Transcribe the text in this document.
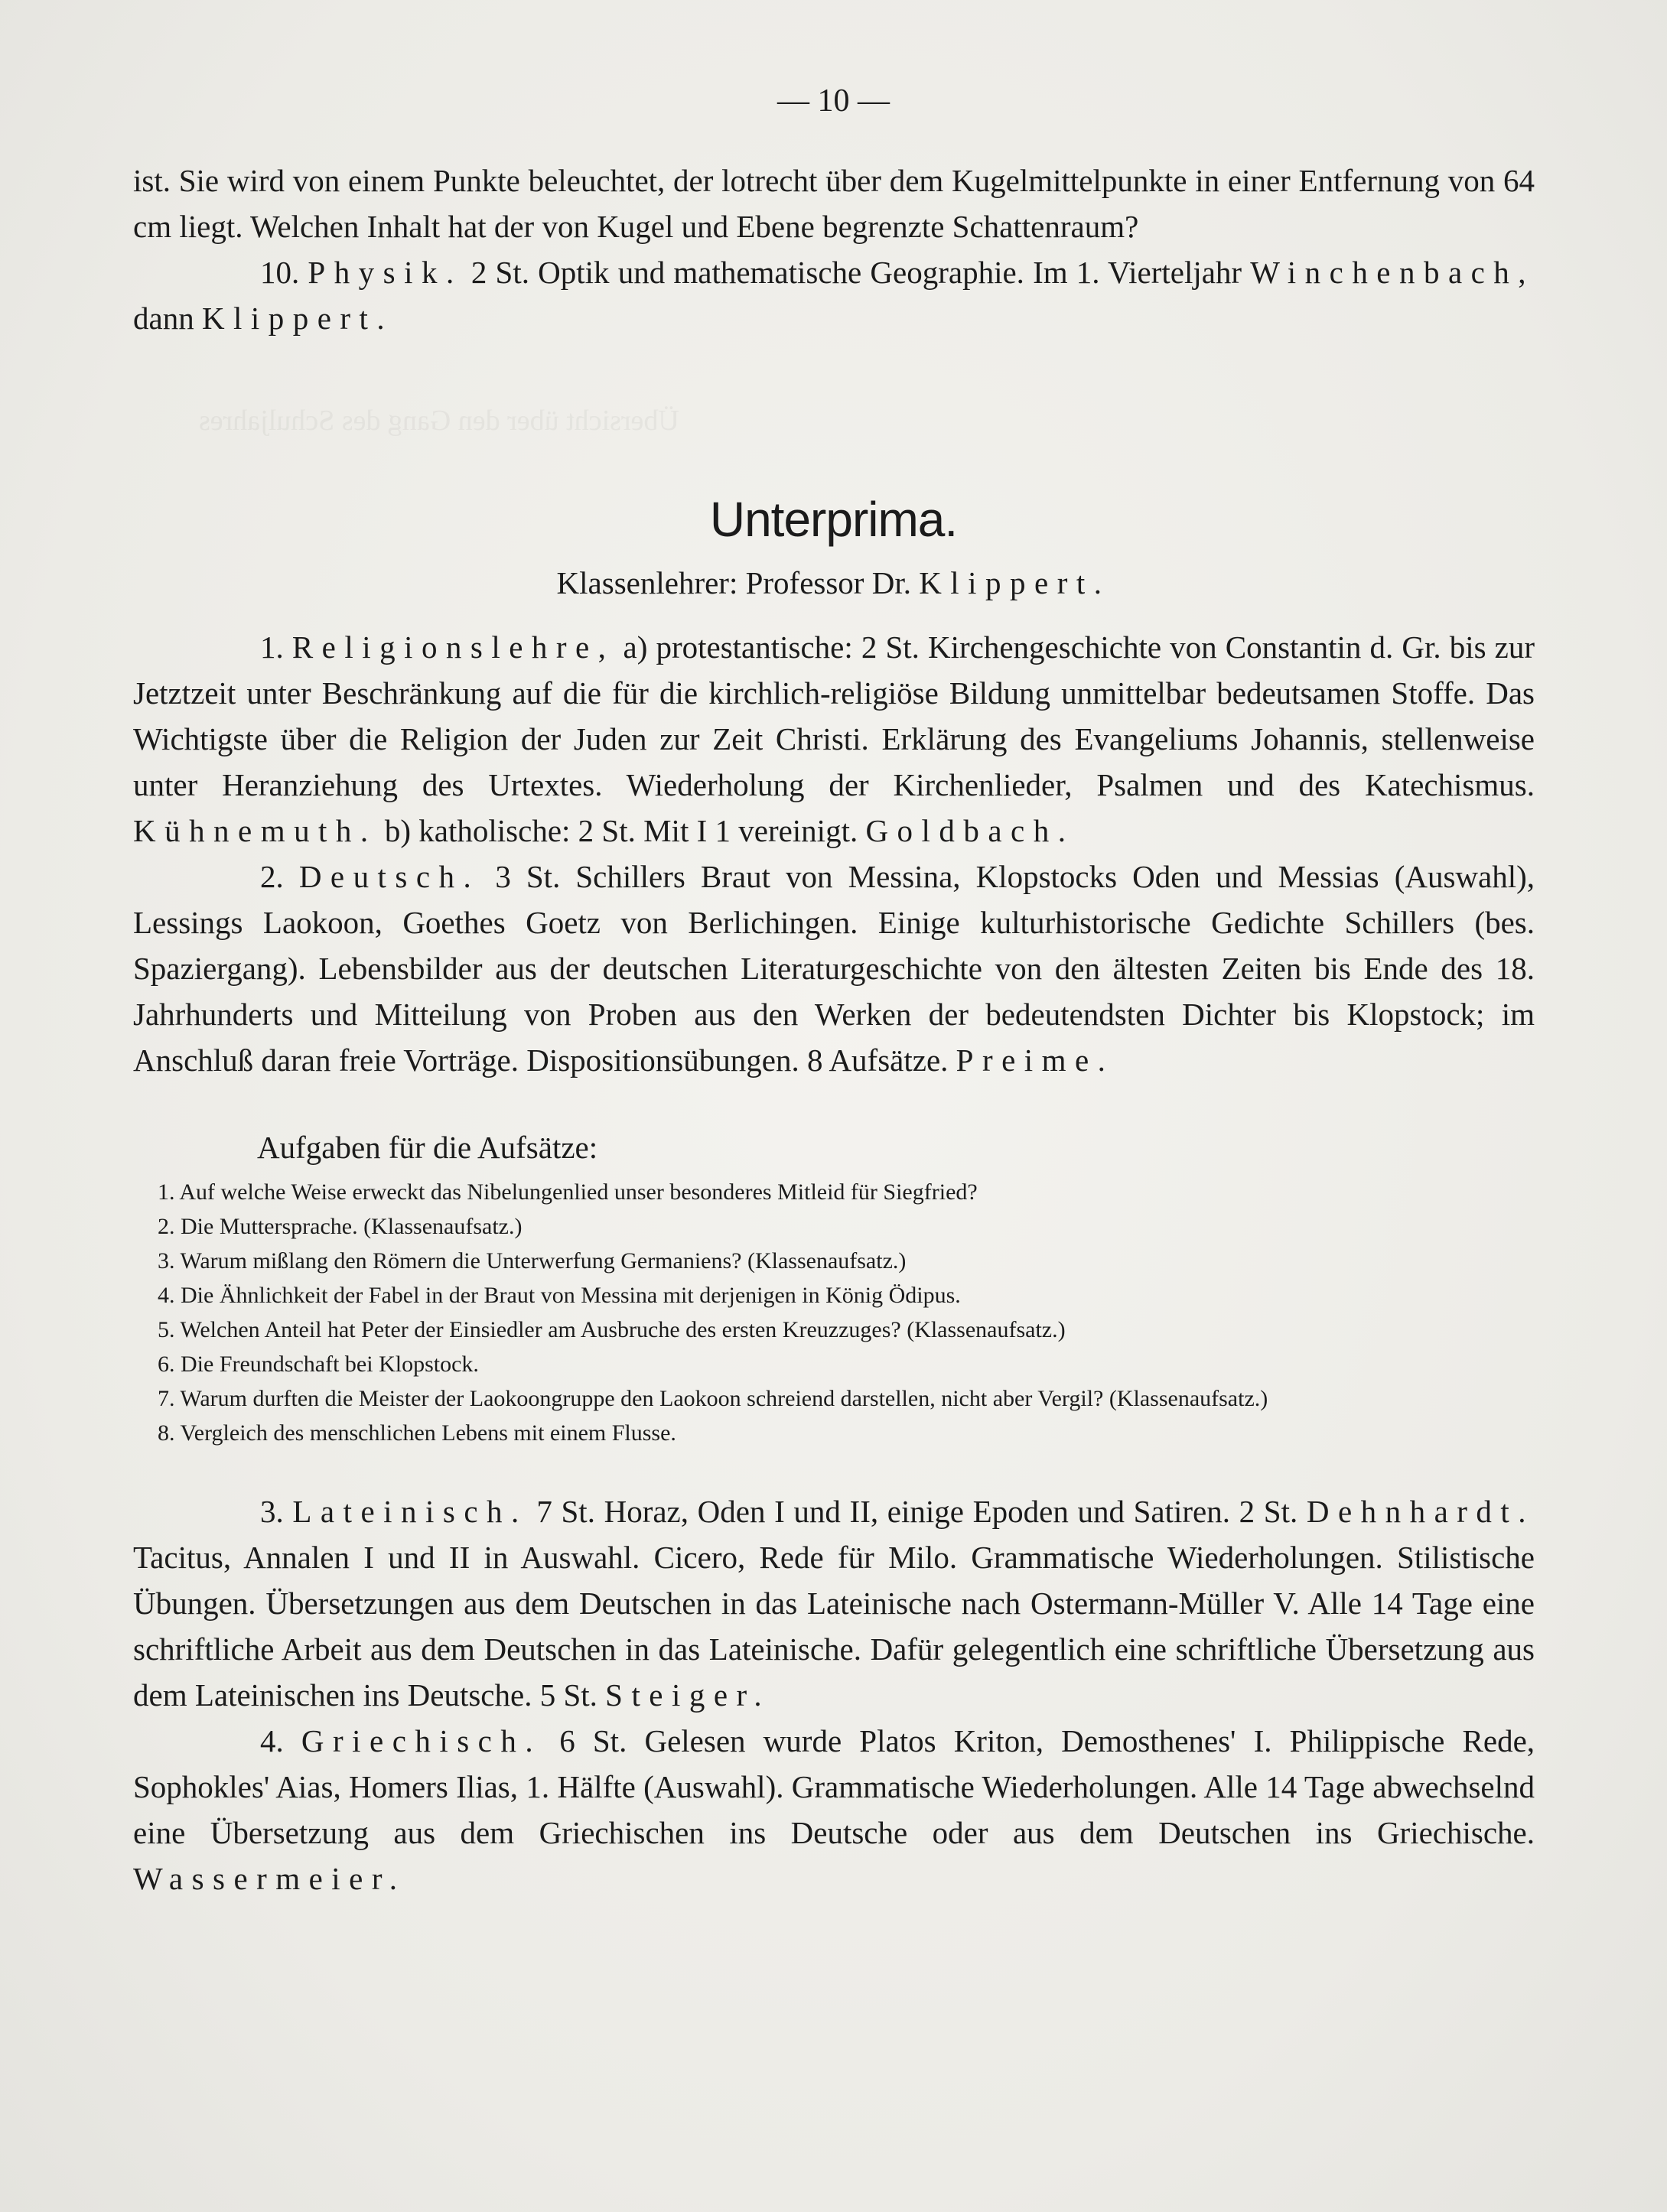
Übersicht über den Gang des Schuljahres
— 10 —

ist. Sie wird von einem Punkte beleuchtet, der lotrecht über dem Kugelmittelpunkte in einer Entfernung von 64 cm liegt. Welchen Inhalt hat der von Kugel und Ebene begrenzte Schattenraum?

10. Physik. 2 St. Optik und mathematische Geographie. Im 1. Vierteljahr Winchenbach, dann Klippert.

Unterprima.
Klassenlehrer: Professor Dr. Klippert.

1. Religionslehre, a) protestantische: 2 St. Kirchengeschichte von Constantin d. Gr. bis zur Jetztzeit unter Beschränkung auf die für die kirchlich-religiöse Bildung unmittelbar bedeutsamen Stoffe. Das Wichtigste über die Religion der Juden zur Zeit Christi. Erklärung des Evangeliums Johannis, stellenweise unter Heranziehung des Urtextes. Wiederholung der Kirchenlieder, Psalmen und des Katechismus. Kühnemuth. b) katholische: 2 St. Mit I 1 vereinigt. Goldbach.

2. Deutsch. 3 St. Schillers Braut von Messina, Klopstocks Oden und Messias (Auswahl), Lessings Laokoon, Goethes Goetz von Berlichingen. Einige kulturhistorische Gedichte Schillers (bes. Spaziergang). Lebensbilder aus der deutschen Literaturgeschichte von den ältesten Zeiten bis Ende des 18. Jahrhunderts und Mitteilung von Proben aus den Werken der bedeutendsten Dichter bis Klopstock; im Anschluß daran freie Vorträge. Dispositionsübungen. 8 Aufsätze. Preime.

Aufgaben für die Aufsätze:
1. Auf welche Weise erweckt das Nibelungenlied unser besonderes Mitleid für Siegfried?
2. Die Muttersprache. (Klassenaufsatz.)
3. Warum mißlang den Römern die Unterwerfung Germaniens? (Klassenaufsatz.)
4. Die Ähnlichkeit der Fabel in der Braut von Messina mit derjenigen in König Ödipus.
5. Welchen Anteil hat Peter der Einsiedler am Ausbruche des ersten Kreuzzuges? (Klassenaufsatz.)
6. Die Freundschaft bei Klopstock.
7. Warum durften die Meister der Laokoongruppe den Laokoon schreiend darstellen, nicht aber Vergil? (Klassenaufsatz.)
8. Vergleich des menschlichen Lebens mit einem Flusse.

3. Lateinisch. 7 St. Horaz, Oden I und II, einige Epoden und Satiren. 2 St. Dehnhardt. Tacitus, Annalen I und II in Auswahl. Cicero, Rede für Milo. Grammatische Wiederholungen. Stilistische Übungen. Übersetzungen aus dem Deutschen in das Lateinische nach Ostermann-Müller V. Alle 14 Tage eine schriftliche Arbeit aus dem Deutschen in das Lateinische. Dafür gelegentlich eine schriftliche Übersetzung aus dem Lateinischen ins Deutsche. 5 St. Steiger.

4. Griechisch. 6 St. Gelesen wurde Platos Kriton, Demosthenes' I. Philippische Rede, Sophokles' Aias, Homers Ilias, 1. Hälfte (Auswahl). Grammatische Wiederholungen. Alle 14 Tage abwechselnd eine Übersetzung aus dem Griechischen ins Deutsche oder aus dem Deutschen ins Griechische. Wassermeier.
